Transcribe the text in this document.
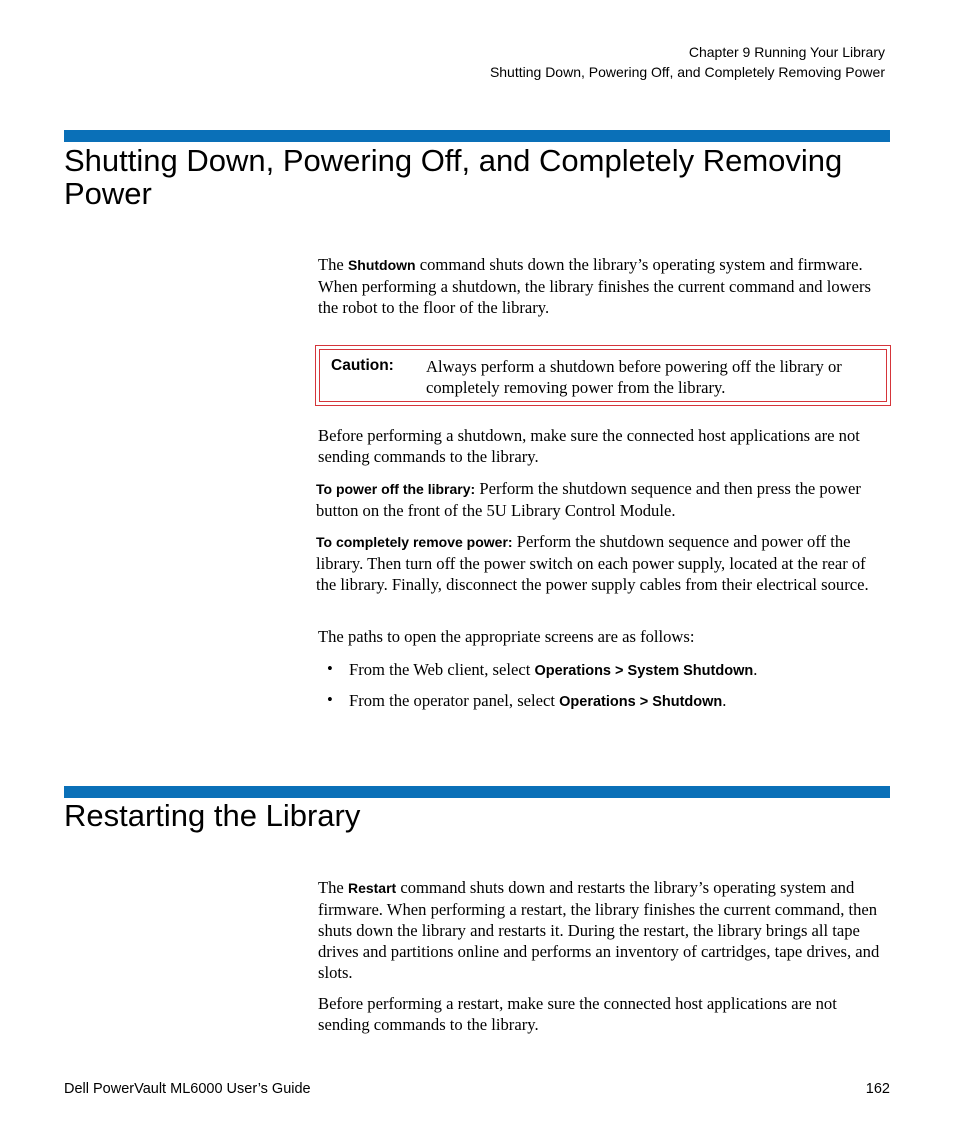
Chapter 9 Running Your Library
Shutting Down, Powering Off, and Completely Removing Power
Shutting Down, Powering Off, and Completely Removing
Power

The Shutdown command shuts down the library’s operating system and firmware. When performing a shutdown, the library finishes the current command and lowers the robot to the floor of the library.

Caution: Always perform a shutdown before powering off the library or completely removing power from the library.

Before performing a shutdown, make sure the connected host applications are not sending commands to the library.

To power off the library: Perform the shutdown sequence and then press the power button on the front of the 5U Library Control Module.

To completely remove power: Perform the shutdown sequence and power off the library. Then turn off the power switch on each power supply, located at the rear of the library. Finally, disconnect the power supply cables from their electrical source.

The paths to open the appropriate screens are as follows:

• From the Web client, select Operations > System Shutdown.
• From the operator panel, select Operations > Shutdown.
Restarting the Library

The Restart command shuts down and restarts the library’s operating system and firmware. When performing a restart, the library finishes the current command, then shuts down the library and restarts it. During the restart, the library brings all tape drives and partitions online and performs an inventory of cartridges, tape drives, and slots.

Before performing a restart, make sure the connected host applications are not sending commands to the library.

Dell PowerVault ML6000 User’s Guide	162
